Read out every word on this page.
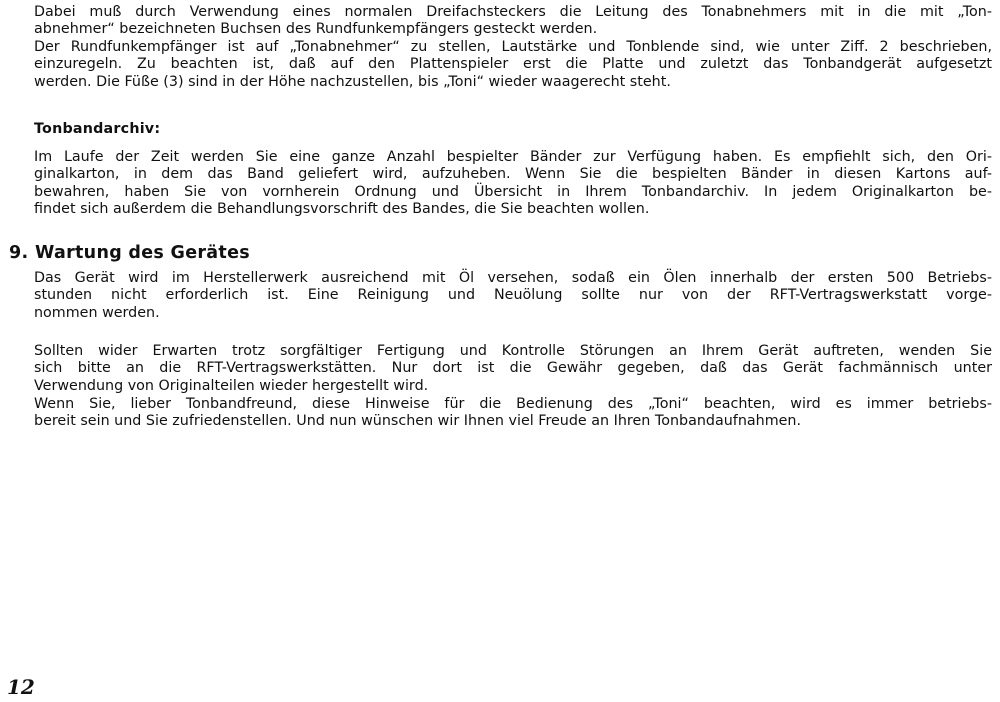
Dabei muß durch Verwendung eines normalen Dreifachsteckers die Leitung des Tonabnehmers mit in die mit „Ton-
abnehmer“ bezeichneten Buchsen des Rundfunkempfängers gesteckt werden.
Der Rundfunkempfänger ist auf „Tonabnehmer“ zu stellen, Lautstärke und Tonblende sind, wie unter Ziff. 2 beschrieben,
einzuregeln. Zu beachten ist, daß auf den Plattenspieler erst die Platte und zuletzt das Tonbandgerät aufgesetzt
werden. Die Füße (3) sind in der Höhe nachzustellen, bis „Toni“ wieder waagerecht steht.
Tonbandarchiv:
Im Laufe der Zeit werden Sie eine ganze Anzahl bespielter Bänder zur Verfügung haben. Es empfiehlt sich, den Ori-
ginalkarton, in dem das Band geliefert wird, aufzuheben. Wenn Sie die bespielten Bänder in diesen Kartons auf-
bewahren, haben Sie von vornherein Ordnung und Übersicht in Ihrem Tonbandarchiv. In jedem Originalkarton be-
findet sich außerdem die Behandlungsvorschrift des Bandes, die Sie beachten wollen.
9. Wartung des Gerätes
Das Gerät wird im Herstellerwerk ausreichend mit Öl versehen, sodaß ein Ölen innerhalb der ersten 500 Betriebs-
stunden nicht erforderlich ist. Eine Reinigung und Neuölung sollte nur von der RFT-Vertragswerkstatt vorge-
nommen werden.
Sollten wider Erwarten trotz sorgfältiger Fertigung und Kontrolle Störungen an Ihrem Gerät auftreten, wenden Sie
sich bitte an die RFT-Vertragswerkstätten. Nur dort ist die Gewähr gegeben, daß das Gerät fachmännisch unter
Verwendung von Originalteilen wieder hergestellt wird.
Wenn Sie, lieber Tonbandfreund, diese Hinweise für die Bedienung des „Toni“ beachten, wird es immer betriebs-
bereit sein und Sie zufriedenstellen. Und nun wünschen wir Ihnen viel Freude an Ihren Tonbandaufnahmen.
12
